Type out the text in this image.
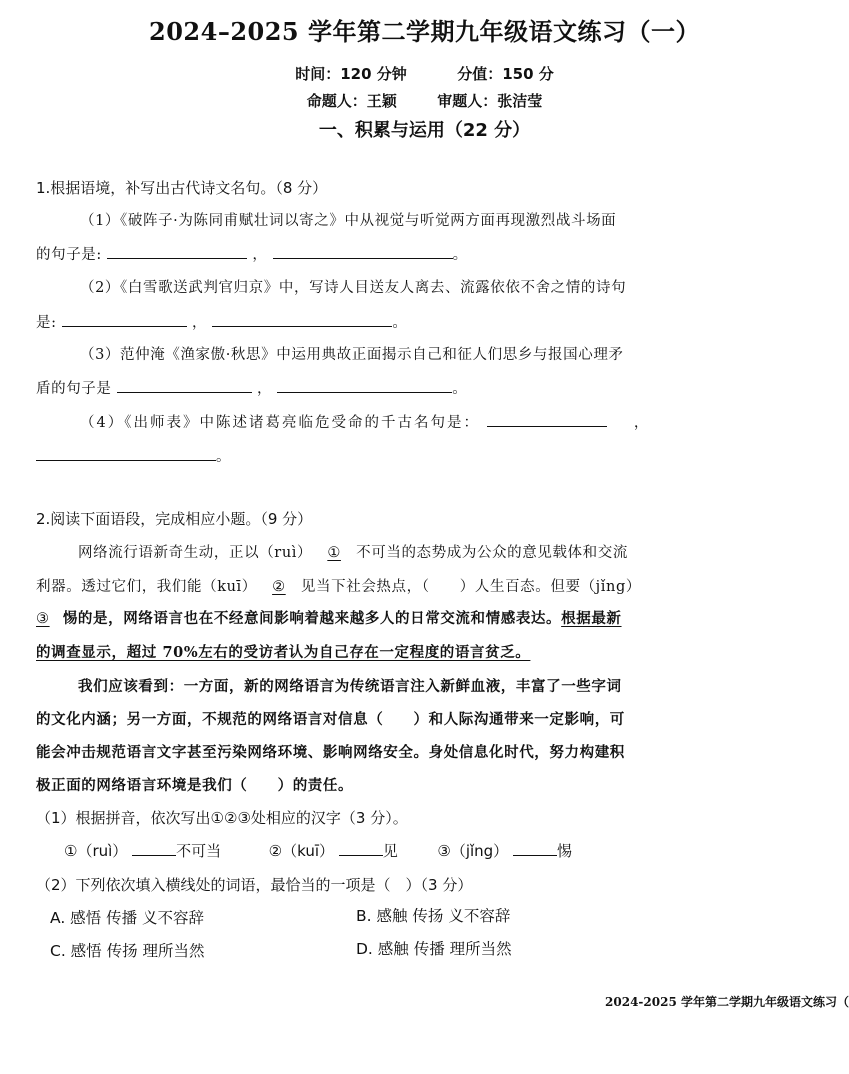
2024–2025 学年第二学期九年级语文练习（一）
时间：120 分钟	分值：150 分
命题人：王颖	审题人：张洁莹
一、积累与运用（22 分）
1.根据语境，补写出古代诗文名句。（8 分）
（1）《破阵子·为陈同甫赋壮词以寄之》中从视觉与听觉两方面再现激烈战斗场面
的句子是:	，	。
（2）《白雪歌送武判官归京》中，写诗人目送友人离去、流露依依不舍之情的诗句
是:	，	。
（3）范仲淹《渔家傲·秋思》中运用典故正面揭示自己和征人们思乡与报国心理矛
盾的句子是	，	。
（4）《出师表》中陈述诸葛亮临危受命的千古名句是：	，
。
2.阅读下面语段，完成相应小题。（9 分）
网络流行语新奇生动，正以（ruì） ① 不可当的态势成为公众的意见载体和交流
利器。透过它们，我们能（kuī） ② 见当下社会热点，（　　）人生百态。但要（jǐng）
③ 惕的是，网络语言也在不经意间影响着越来越多人的日常交流和情感表达。根据最新
的调查显示，超过 70%左右的受访者认为自己存在一定程度的语言贫乏。
我们应该看到：一方面，新的网络语言为传统语言注入新鲜血液，丰富了一些字词
的文化内涵；另一方面，不规范的网络语言对信息（　　）和人际沟通带来一定影响，可
能会冲击规范语言文字甚至污染网络环境、影响网络安全。身处信息化时代，努力构建积
极正面的网络语言环境是我们（　　）的责任。
（1）根据拼音，依次写出①②③处相应的汉字（3 分）。
①（ruì）	不可当	②（kuī）	见	③（jǐng）	惕
（2）下列依次填入横线处的词语，最恰当的一项是（　）（3 分）
A. 感悟 传播 义不容辞	B. 感触 传扬 义不容辞
C. 感悟 传扬 理所当然	D. 感触 传播 理所当然
2024-2025 学年第二学期九年级语文练习（
